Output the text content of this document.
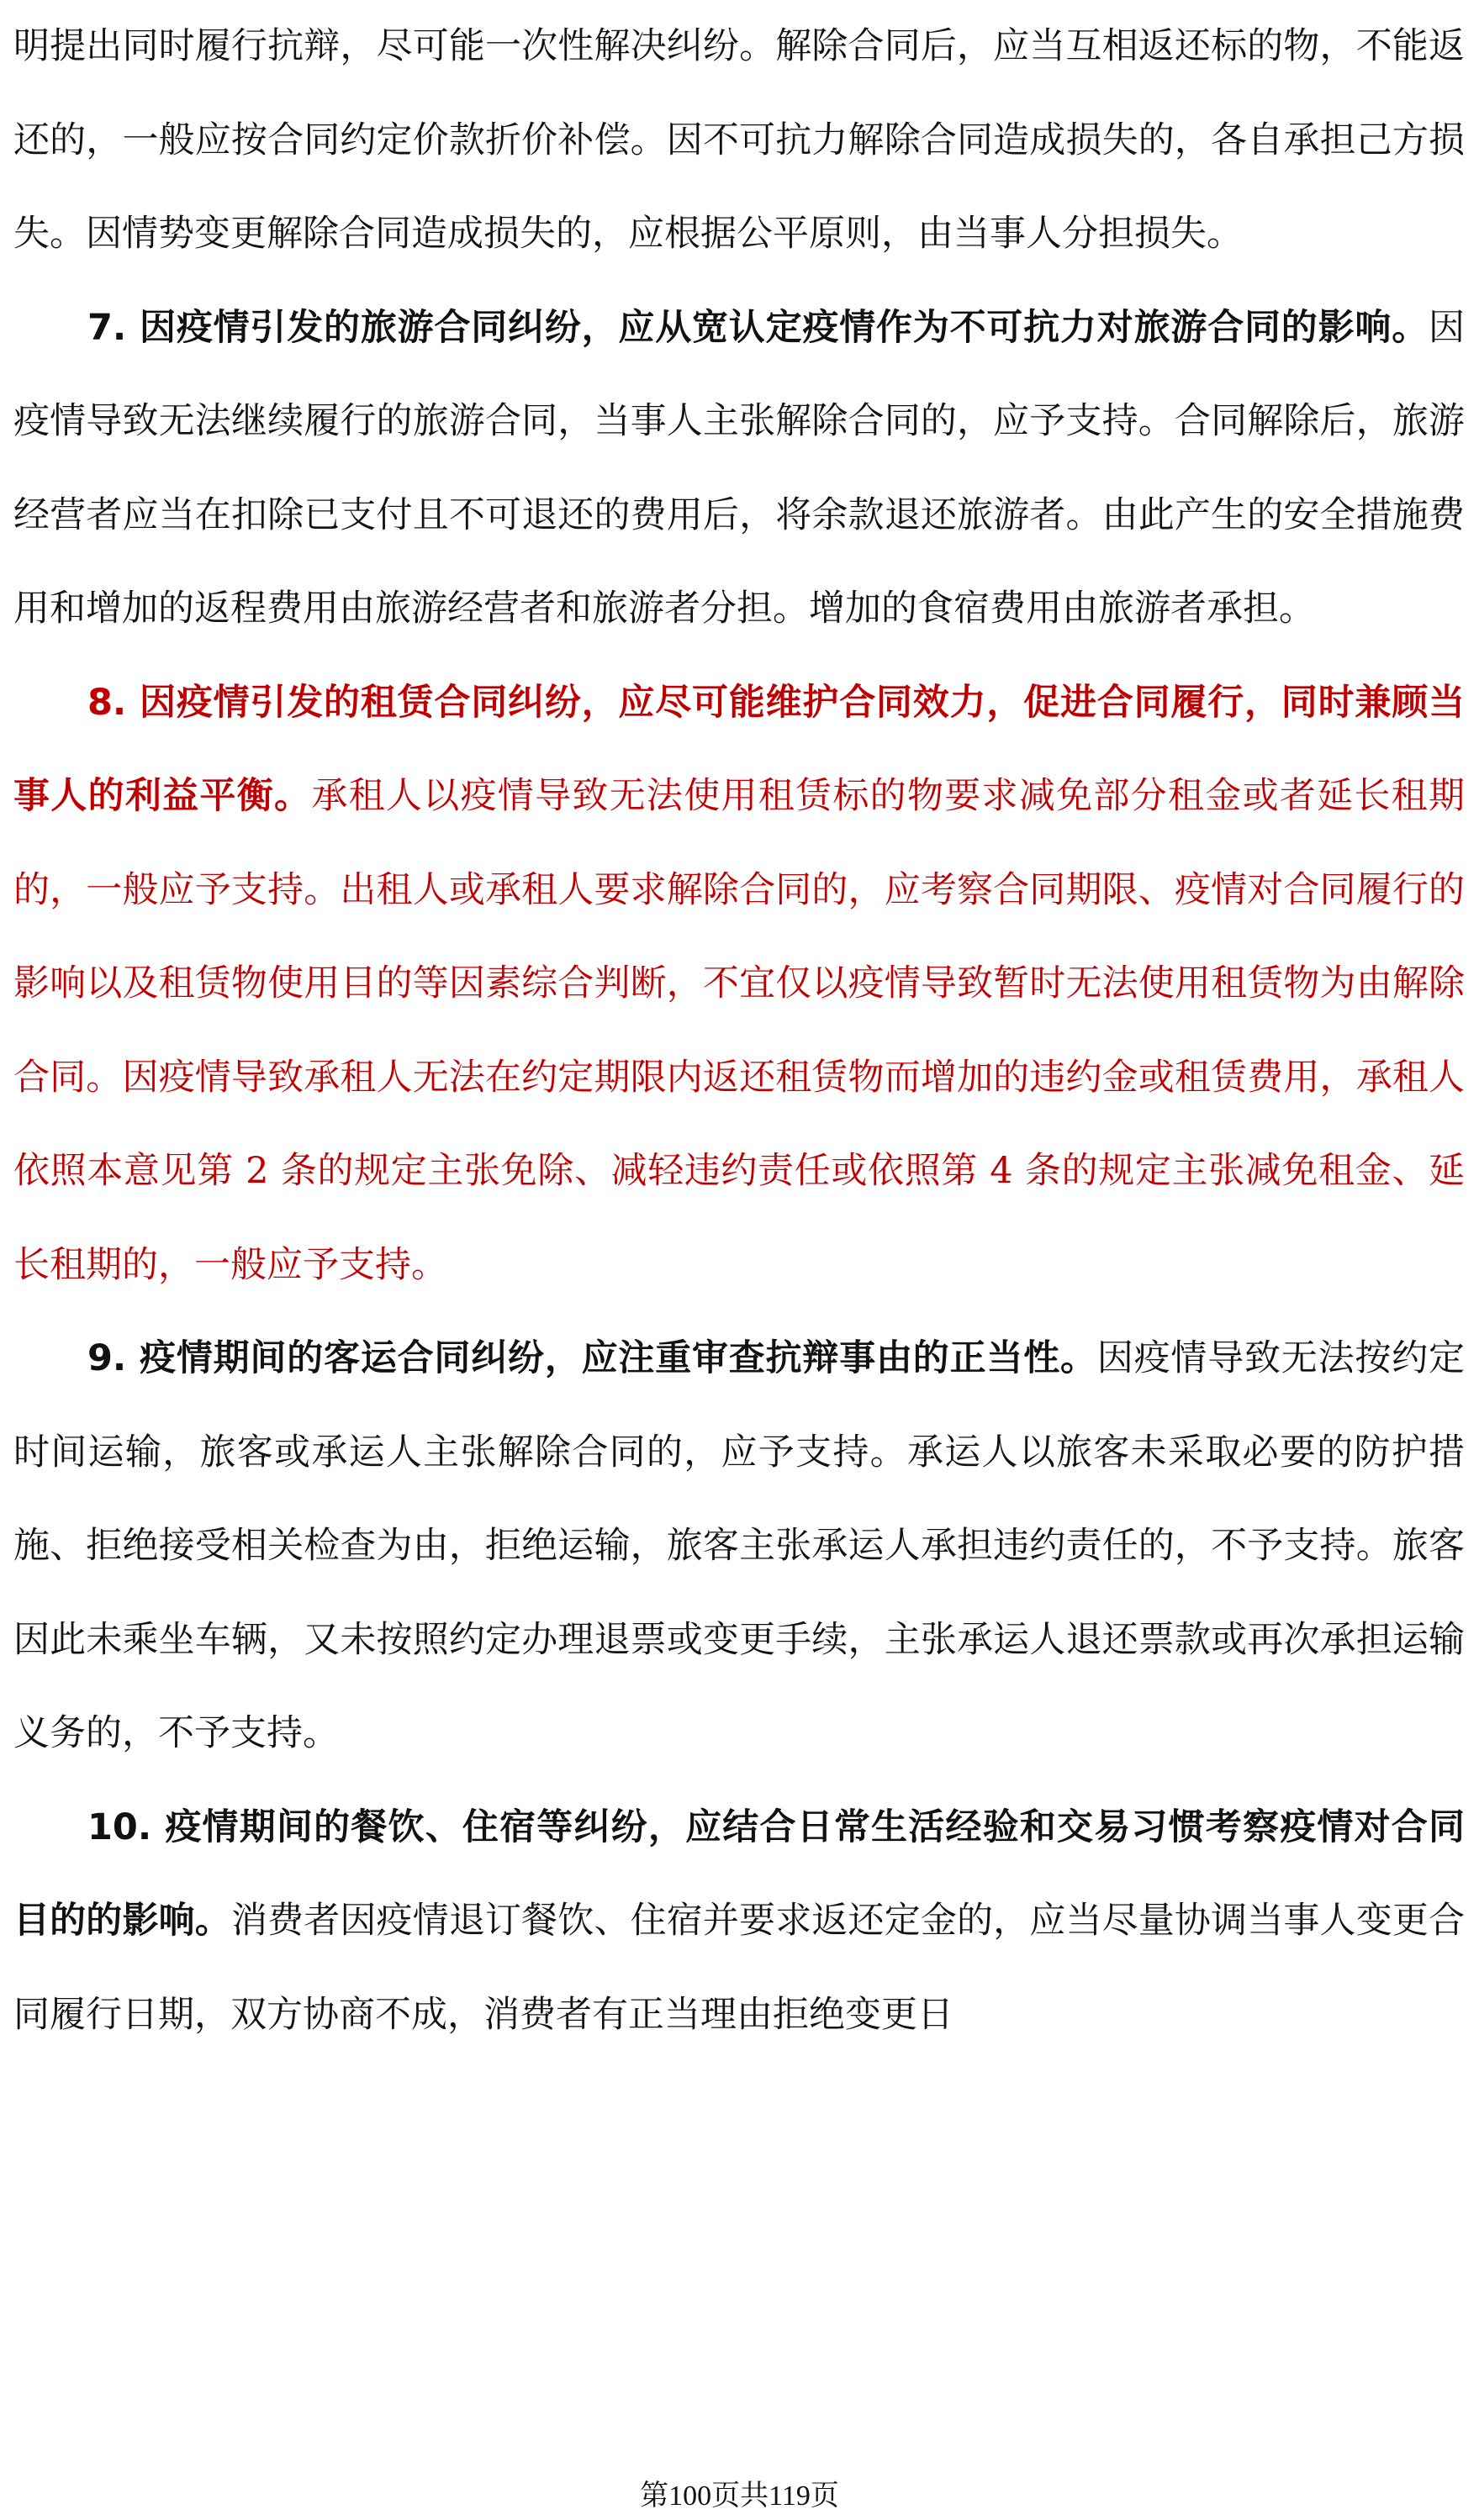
明提出同时履行抗辩，尽可能一次性解决纠纷。解除合同后，应当互相返还标的物，不能返还的，一般应按合同约定价款折价补偿。因不可抗力解除合同造成损失的，各自承担己方损失。因情势变更解除合同造成损失的，应根据公平原则，由当事人分担损失。

7. 因疫情引发的旅游合同纠纷，应从宽认定疫情作为不可抗力对旅游合同的影响。因疫情导致无法继续履行的旅游合同，当事人主张解除合同的，应予支持。合同解除后，旅游经营者应当在扣除已支付且不可退还的费用后，将余款退还旅游者。由此产生的安全措施费用和增加的返程费用由旅游经营者和旅游者分担。增加的食宿费用由旅游者承担。

8. 因疫情引发的租赁合同纠纷，应尽可能维护合同效力，促进合同履行，同时兼顾当事人的利益平衡。承租人以疫情导致无法使用租赁标的物要求减免部分租金或者延长租期的，一般应予支持。出租人或承租人要求解除合同的，应考察合同期限、疫情对合同履行的影响以及租赁物使用目的等因素综合判断，不宜仅以疫情导致暂时无法使用租赁物为由解除合同。因疫情导致承租人无法在约定期限内返还租赁物而增加的违约金或租赁费用，承租人依照本意见第 2 条的规定主张免除、减轻违约责任或依照第 4 条的规定主张减免租金、延长租期的，一般应予支持。

9. 疫情期间的客运合同纠纷，应注重审查抗辩事由的正当性。因疫情导致无法按约定时间运输，旅客或承运人主张解除合同的，应予支持。承运人以旅客未采取必要的防护措施、拒绝接受相关检查为由，拒绝运输，旅客主张承运人承担违约责任的，不予支持。旅客因此未乘坐车辆，又未按照约定办理退票或变更手续，主张承运人退还票款或再次承担运输义务的，不予支持。

10. 疫情期间的餐饮、住宿等纠纷，应结合日常生活经验和交易习惯考察疫情对合同目的的影响。消费者因疫情退订餐饮、住宿并要求返还定金的，应当尽量协调当事人变更合同履行日期，双方协商不成，消费者有正当理由拒绝变更日

第100页共119页
